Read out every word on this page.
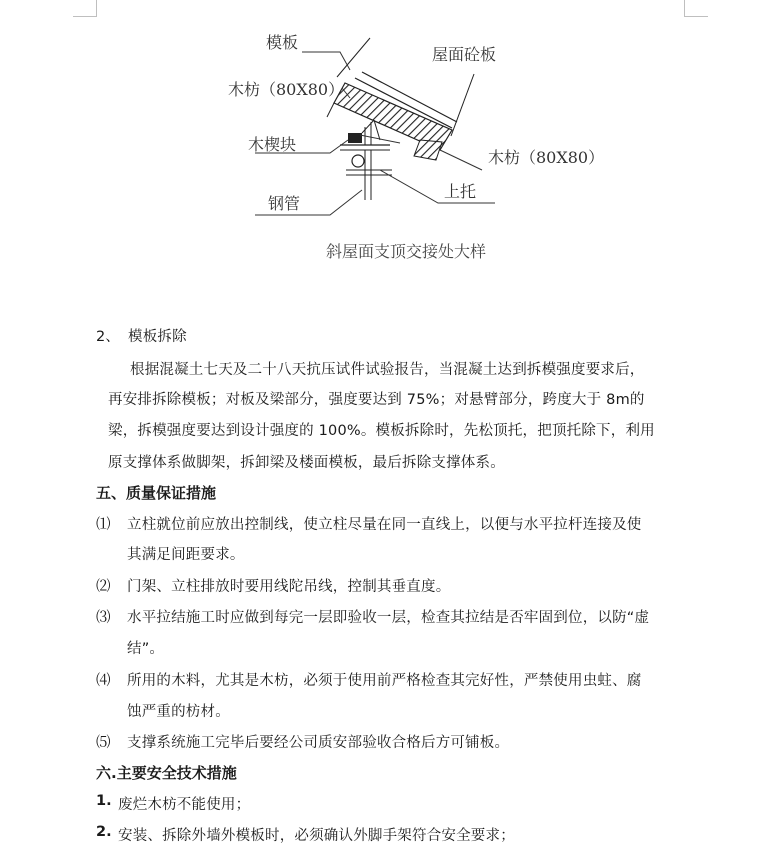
模板
屋面砼板
木枋（80X80）
木楔块
木枋（80X80）
上托
钢管
斜屋面支顶交接处大样
2、 模板拆除
根据混凝土七天及二十八天抗压试件试验报告，当混凝土达到拆模强度要求后，
再安排拆除模板；对板及梁部分，强度要达到 75%；对悬臂部分，跨度大于 8m的
梁，拆模强度要达到设计强度的 100%。模板拆除时，先松顶托，把顶托除下，利用
原支撑体系做脚架，拆卸梁及楼面模板，最后拆除支撑体系。
五、质量保证措施
⑴ 立柱就位前应放出控制线，使立柱尽量在同一直线上，以便与水平拉杆连接及使
其满足间距要求。
⑵ 门架、立柱排放时要用线陀吊线，控制其垂直度。
⑶ 水平拉结施工时应做到每完一层即验收一层，检查其拉结是否牢固到位，以防“虚
结”。
⑷ 所用的木料，尤其是木枋，必须于使用前严格检查其完好性，严禁使用虫蛀、腐
蚀严重的枋材。
⑸ 支撑系统施工完毕后要经公司质安部验收合格后方可铺板。
六.主要安全技术措施
1. 废烂木枋不能使用；
2. 安装、拆除外墙外模板时，必须确认外脚手架符合安全要求；
